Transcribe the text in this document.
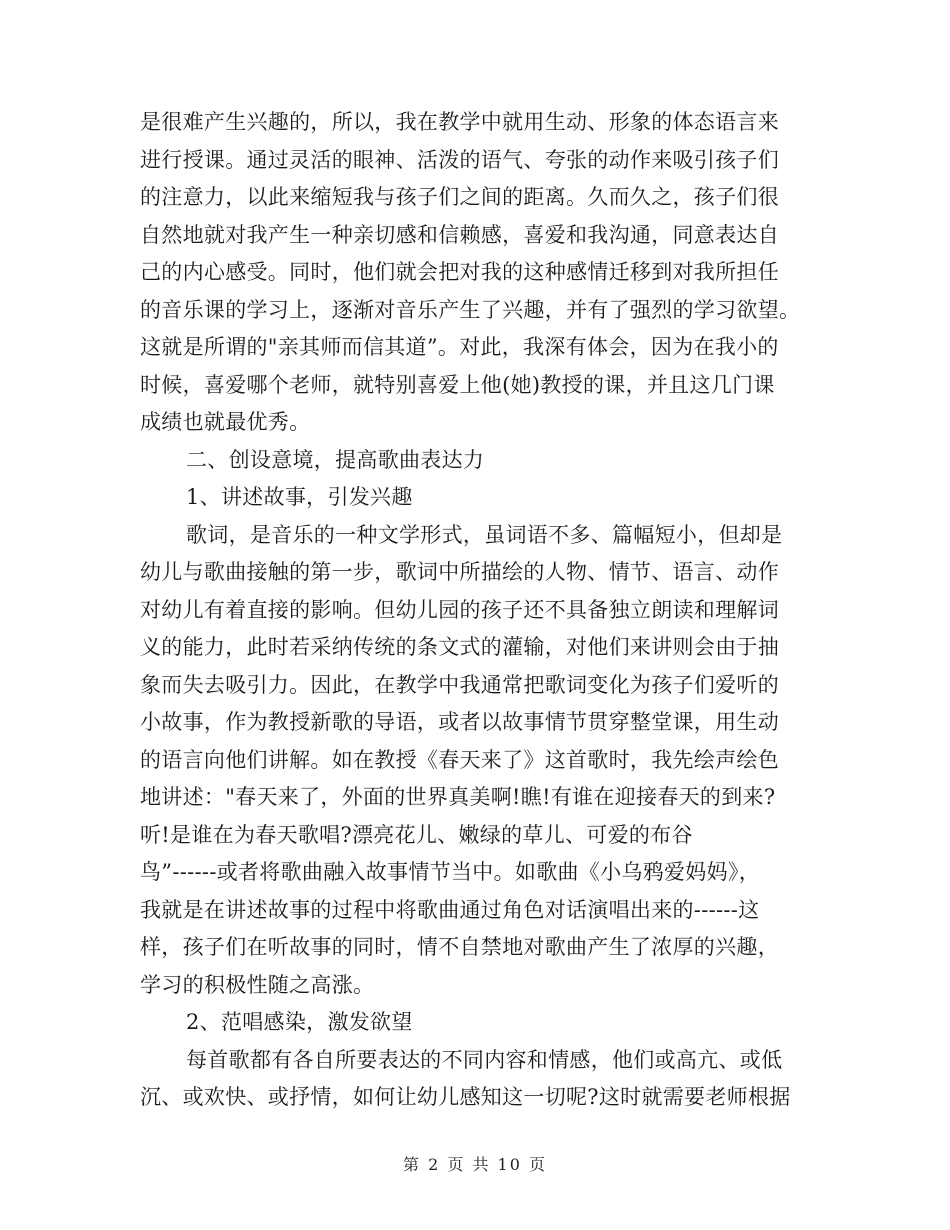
是很难产生兴趣的，所以，我在教学中就用生动、形象的体态语言来
进行授课。通过灵活的眼神、活泼的语气、夸张的动作来吸引孩子们
的注意力，以此来缩短我与孩子们之间的距离。久而久之，孩子们很
自然地就对我产生一种亲切感和信赖感，喜爱和我沟通，同意表达自
己的内心感受。同时，他们就会把对我的这种感情迁移到对我所担任
的音乐课的学习上，逐渐对音乐产生了兴趣，并有了强烈的学习欲望。
这就是所谓的"亲其师而信其道”。对此，我深有体会，因为在我小的
时候，喜爱哪个老师，就特别喜爱上他(她)教授的课，并且这几门课
成绩也就最优秀。
二、创设意境，提高歌曲表达力
1、讲述故事，引发兴趣
歌词，是音乐的一种文学形式，虽词语不多、篇幅短小，但却是
幼儿与歌曲接触的第一步，歌词中所描绘的人物、情节、语言、动作
对幼儿有着直接的影响。但幼儿园的孩子还不具备独立朗读和理解词
义的能力，此时若采纳传统的条文式的灌输，对他们来讲则会由于抽
象而失去吸引力。因此，在教学中我通常把歌词变化为孩子们爱听的
小故事，作为教授新歌的导语，或者以故事情节贯穿整堂课，用生动
的语言向他们讲解。如在教授《春天来了》这首歌时，我先绘声绘色
地讲述："春天来了，外面的世界真美啊!瞧!有谁在迎接春天的到来?
听!是谁在为春天歌唱?漂亮花儿、嫩绿的草儿、可爱的布谷
鸟”------或者将歌曲融入故事情节当中。如歌曲《小乌鸦爱妈妈》，
我就是在讲述故事的过程中将歌曲通过角色对话演唱出来的------这
样，孩子们在听故事的同时，情不自禁地对歌曲产生了浓厚的兴趣，
学习的积极性随之高涨。
2、范唱感染，激发欲望
每首歌都有各自所要表达的不同内容和情感，他们或高亢、或低
沉、或欢快、或抒情，如何让幼儿感知这一切呢?这时就需要老师根据
第 2 页 共 10 页
